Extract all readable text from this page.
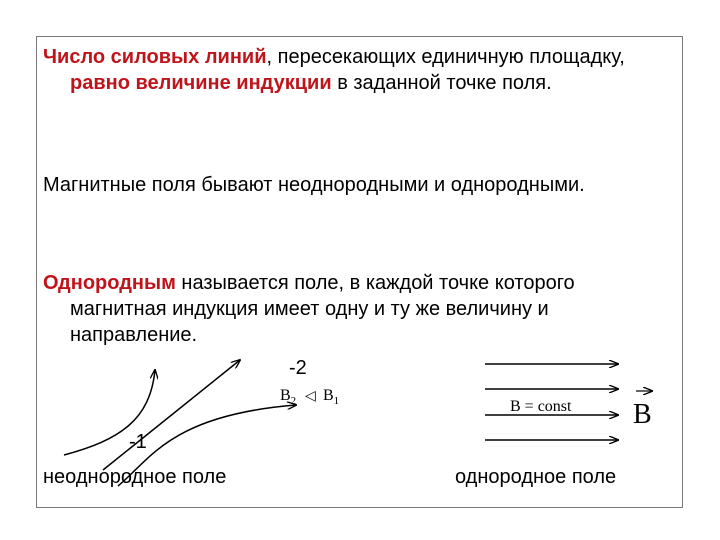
Число силовых линий, пересекающих единичную площадку, равно величине индукции в заданной точке поля.
Магнитные поля бывают неоднородными и однородными.
Однородным называется поле, в каждой точке которого магнитная индукция имеет одну и ту же величину и направление.
-2
-1
$B_2$ ◁ $B_1$	B = const B
неоднородное поле	однородное поле
